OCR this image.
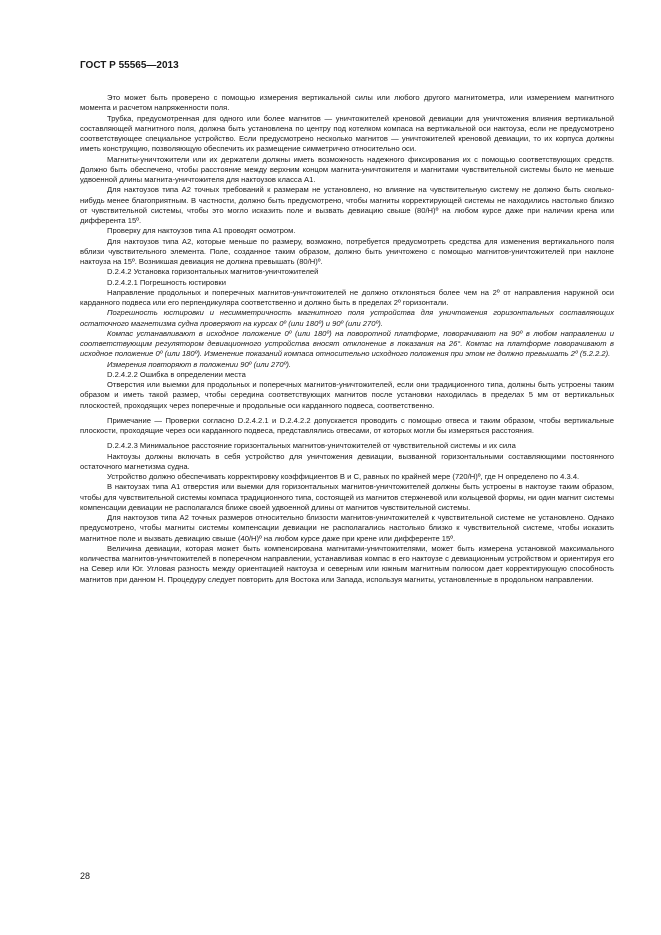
ГОСТ Р 55565—2013

Это может быть проверено с помощью измерения вертикальной силы или любого другого магнитометра, или измерением магнитного момента и расчетом напряженности поля.

Трубка, предусмотренная для одного или более магнитов — уничтожителей креновой девиации для уничтожения влияния вертикальной составляющей магнитного поля, должна быть установлена по центру под котелком компаса на вертикальной оси нактоуза, если не предусмотрено соответствующее специальное устройство. Если предусмотрено несколько магнитов — уничтожителей креновой девиации, то их корпуса должны иметь конструкцию, позволяющую обеспечить их размещение симметрично относительно оси.

Магниты-уничтожители или их держатели должны иметь возможность надежного фиксирования их с помощью соответствующих средств. Должно быть обеспечено, чтобы расстояние между верхним концом магнита-уничтожителя и магнитами чувствительной системы было не меньше удвоенной длины магнита-уничтожителя для нактоузов класса А1.

Для нактоузов типа А2 точных требований к размерам не установлено, но влияние на чувствительную систему не должно быть сколько-нибудь менее благоприятным. В частности, должно быть предусмотрено, чтобы магниты корректирующей системы не находились настолько близко от чувствительной системы, чтобы это могло исказить поле и вызвать девиацию свыше (80/H)º на любом курсе даже при наличии крена или дифферента 15º.

Проверку для нактоузов типа А1 проводят осмотром.

Для нактоузов типа А2, которые меньше по размеру, возможно, потребуется предусмотреть средства для изменения вертикального поля вблизи чувствительного элемента. Поле, созданное таким образом, должно быть уничтожено с помощью магнитов-уничтожителей при наклоне нактоуза на 15º. Возникшая девиация не должна превышать (80/H)º.

D.2.4.2 Установка горизонтальных магнитов-уничтожителей

D.2.4.2.1 Погрешность юстировки

Направление продольных и поперечных магнитов-уничтожителей не должно отклоняться более чем на 2º от направления наружной оси карданного подвеса или его перпендикуляра соответственно и должно быть в пределах 2º горизонтали.

Погрешность юстировки и несимметричность магнитного поля устройства для уничтожения горизонтальных составляющих остаточного магнетизма судна проверяют на курсах 0º (или 180º) и 90º (или 270º).

Компас устанавливают в исходное положение 0º (или 180º) на поворотной платформе, поворачивают на 90º в любом направлении и соответствующим регулятором девиационного устройства вносят отклонение в показания на 26°. Компас на платформе поворачивают в исходное положение 0º (или 180º). Изменение показаний компаса относительно исходного положения при этом не должно превышать 2º (5.2.2.2).

Измерения повторяют в положении 90º (или 270º).

D.2.4.2.2 Ошибка в определении места

Отверстия или выемки для продольных и поперечных магнитов-уничтожителей, если они традиционного типа, должны быть устроены таким образом и иметь такой размер, чтобы середина соответствующих магнитов после установки находилась в пределах 5 мм от вертикальных плоскостей, проходящих через поперечные и продольные оси карданного подвеса, соответственно.

Примечание — Проверки согласно D.2.4.2.1 и D.2.4.2.2 допускается проводить с помощью отвеса и таким образом, чтобы вертикальные плоскости, проходящие через оси карданного подвеса, представлялись отвесами, от которых могли бы измеряться расстояния.

D.2.4.2.3 Минимальное расстояние горизонтальных магнитов-уничтожителей от чувствительной системы и их сила

Нактоузы должны включать в себя устройство для уничтожения девиации, вызванной горизонтальными составляющими постоянного остаточного магнетизма судна.

Устройство должно обеспечивать корректировку коэффициентов B и C, равных по крайней мере (720/H)º, где H определено по 4.3.4.

В нактоузах типа А1 отверстия или выемки для горизонтальных магнитов-уничтожителей должны быть устроены в нактоузе таким образом, чтобы для чувствительной системы компаса традиционного типа, состоящей из магнитов стержневой или кольцевой формы, ни один магнит системы компенсации девиации не располагался ближе своей удвоенной длины от магнитов чувствительной системы.

Для нактоузов типа А2 точных размеров относительно близости магнитов-уничтожителей к чувствительной системе не установлено. Однако предусмотрено, чтобы магниты системы компенсации девиации не располагались настолько близко к чувствительной системе, чтобы исказить магнитное поле и вызвать девиацию свыше (40/H)º на любом курсе даже при крене или дифференте 15º.

Величина девиации, которая может быть компенсирована магнитами-уничтожителями, может быть измерена установкой максимального количества магнитов-уничтожителей в поперечном направлении, устанавливая компас в его нактоузе с девиационным устройством и ориентируя его на Север или Юг. Угловая разность между ориентацией нактоуза и северным или южным магнитным полюсом дает корректирующую способность магнитов при данном H. Процедуру следует повторить для Востока или Запада, используя магниты, установленные в продольном направлении.

28
